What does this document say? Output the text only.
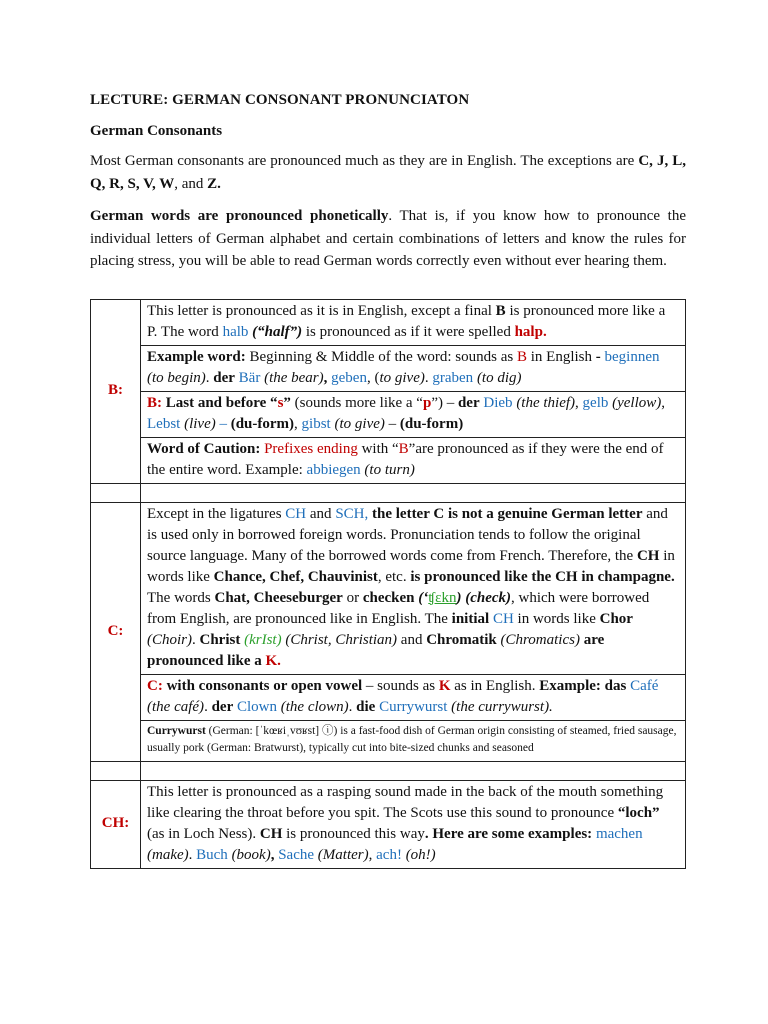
LECTURE: GERMAN CONSONANT PRONUNCIATON
German Consonants

Most German consonants are pronounced much as they are in English. The exceptions are C, J, L, Q, R, S, V, W, and Z.

German words are pronounced phonetically. That is, if you know how to pronounce the individual letters of German alphabet and certain combinations of letters and know the rules for placing stress, you will be able to read German words correctly even without ever hearing them.

B:	This letter is pronounced as it is in English, except a final B is pronounced more like a P. The word halb (“half”) is pronounced as if it were spelled halp.
	Example word: Beginning & Middle of the word: sounds as B in English - beginnen (to begin). der Bär (the bear), geben, (to give). graben (to dig)
	B: Last and before “s” (sounds more like a “p”) – der Dieb (the thief), gelb (yellow), Lebst (live) – (du-form), gibst (to give) – (du-form)
	Word of Caution: Prefixes ending with “B”are pronounced as if they were the end of the entire word. Example: abbiegen (to turn)

C:	Except in the ligatures CH and SCH, the letter C is not a genuine German letter and is used only in borrowed foreign words. Pronunciation tends to follow the original source language. Many of the borrowed words come from French. Therefore, the CH in words like Chance, Chef, Chauvinist, etc. is pronounced like the CH in champagne. The words Chat, Cheeseburger or checken (‘ʧɛkn) (check), which were borrowed from English, are pronounced like in English. The initial CH in words like Chor (Choir). Christ (krIst) (Christ, Christian) and Chromatik (Chromatics) are pronounced like a K.
	C: with consonants or open vowel – sounds as K as in English. Example: das Café (the café). der Clown (the clown). die Currywurst (the currywurst).
	Currywurst (German: [ˈkœʁiˌvʊʁst] ⓘ) is a fast-food dish of German origin consisting of steamed, fried sausage, usually pork (German: Bratwurst), typically cut into bite-sized chunks and seasoned

CH:	This letter is pronounced as a rasping sound made in the back of the mouth something like clearing the throat before you spit. The Scots use this sound to pronounce “loch” (as in Loch Ness). CH is pronounced this way. Here are some examples: machen (make). Buch (book), Sache (Matter), ach! (oh!)
